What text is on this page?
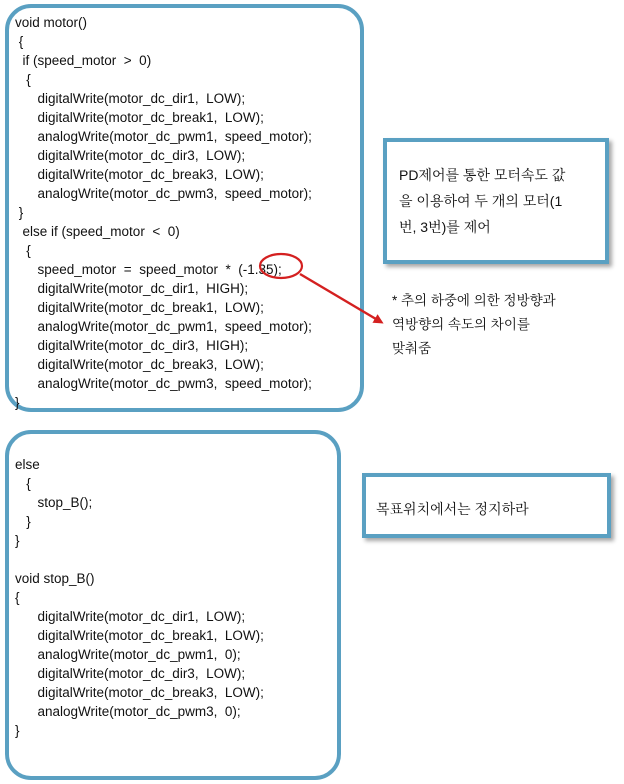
void motor()
{
if (speed_motor  >  0)
{
digitalWrite(motor_dc_dir1,  LOW);
digitalWrite(motor_dc_break1,  LOW);
analogWrite(motor_dc_pwm1,  speed_motor);
digitalWrite(motor_dc_dir3,  LOW);
digitalWrite(motor_dc_break3,  LOW);
analogWrite(motor_dc_pwm3,  speed_motor);
}
else if (speed_motor  <  0)
{
speed_motor  =  speed_motor  *  (-1.35);
digitalWrite(motor_dc_dir1,  HIGH);
digitalWrite(motor_dc_break1,  LOW);
analogWrite(motor_dc_pwm1,  speed_motor);
digitalWrite(motor_dc_dir3,  HIGH);
digitalWrite(motor_dc_break3,  LOW);
analogWrite(motor_dc_pwm3,  speed_motor);
}
else
{
stop_B();
}
}
void stop_B()
{
digitalWrite(motor_dc_dir1,  LOW);
digitalWrite(motor_dc_break1,  LOW);
analogWrite(motor_dc_pwm1,  0);
digitalWrite(motor_dc_dir3,  LOW);
digitalWrite(motor_dc_break3,  LOW);
analogWrite(motor_dc_pwm3,  0);
}
PD제어를 통한 모터속도 값
을 이용하여 두 개의 모터(1
번, 3번)를 제어
* 추의 하중에 의한 정방향과
역방향의 속도의 차이를
맞춰줌
목표위치에서는 정지하라
